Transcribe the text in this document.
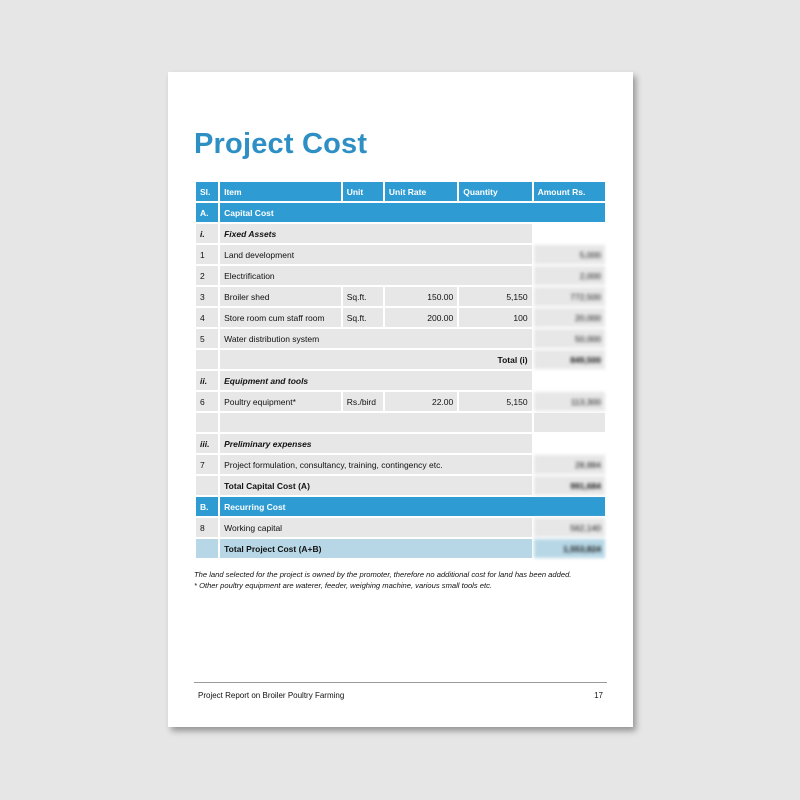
Project Cost
Sl.	Item	Unit	Unit Rate	Quantity	Amount Rs.
A.	Capital Cost				
i.	Fixed Assets				
1	Land development				5,000
2	Electrification				2,000
3	Broiler shed	Sq.ft.	150.00	5,150	772,500
4	Store room cum staff room	Sq.ft.	200.00	100	20,000
5	Water distribution system				50,000
	Total (i)				849,500
ii.	Equipment and tools				
6	Poultry equipment*	Rs./bird	22.00	5,150	113,300

iii.	Preliminary expenses				
7	Project formulation, consultancy, training, contingency etc.				28,884
	Total Capital Cost (A)				991,684
B.	Recurring Cost				
8	Working capital				562,140
	Total Project Cost (A+B)				1,553,824
The land selected for the project is owned by the promoter, therefore no additional cost for land has been added.
* Other poultry equipment are waterer, feeder, weighing machine, various small tools etc.
Project Report on Broiler Poultry Farming	17
